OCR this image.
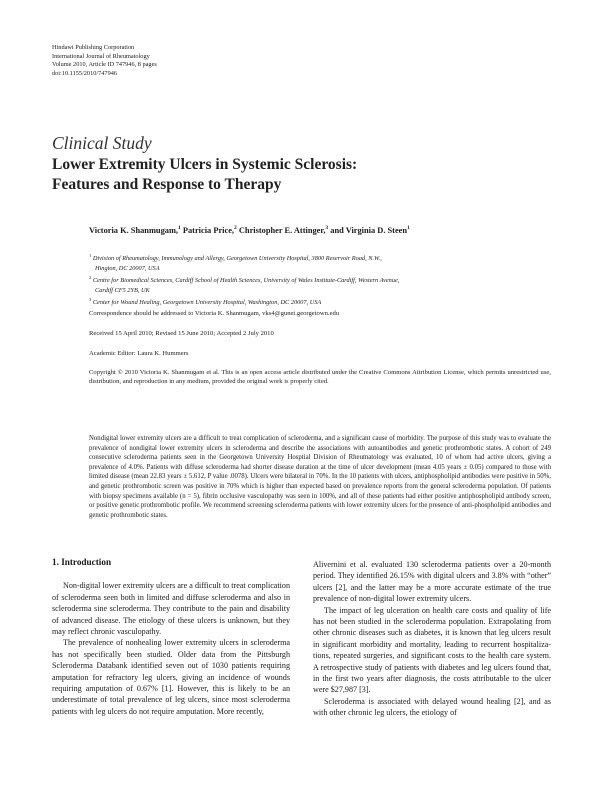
Hindawi Publishing Corporation
International Journal of Rheumatology
Volume 2010, Article ID 747946, 8 pages
doi:10.1155/2010/747946
Clinical Study
Lower Extremity Ulcers in Systemic Sclerosis:
Features and Response to Therapy
Victoria K. Shanmugam,$^1$ Patricia Price,$^2$ Christopher E. Attinger,$^3$ and Virginia D. Steen$^1$
$^1$ Division of Rheumatology, Immunology and Allergy, Georgetown University Hospital, 3800 Reservoir Road, N.W.,
Hington, DC 20007, USA
$^2$ Centre for Biomedical Sciences, Cardiff School of Health Sciences, University of Wales Institute-Cardiff, Western Avenue,
Cardiff CF5 2YB, UK
$^3$ Center for Wound Healing, Georgetown University Hospital, Washington, DC 20007, USA
Correspondence should be addressed to Victoria K. Shanmugam, vks4@gunet.georgetown.edu
Received 15 April 2010; Revised 15 June 2010; Accepted 2 July 2010
Academic Editor: Laura K. Hummers
Copyright © 2010 Victoria K. Shanmugam et al. This is an open access article distributed under the Creative Commons Attribution License, which permits unrestricted use, distribution, and reproduction in any medium, provided the original work is properly cited.
Nondigital lower extremity ulcers are a difficult to treat complication of scleroderma, and a significant cause of morbidity. The purpose of this study was to evaluate the prevalence of nondigital lower extremity ulcers in scleroderma and describe the associations with autoantibodies and genetic prothrombotic states. A cohort of 249 consecutive scleroderma patients seen in the Georgetown University Hosptial Division of Rheumatology was evaluated, 10 of whom had active ulcers, giving a prevalence of 4.0%. Patients with diffuse scleroderma had shorter disease duration at the time of ulcer development (mean 4.05 years ± 0.05) compared to those with limited disease (mean 22.83 years ± 5.612, P value .0078). Ulcers were bilateral in 70%. In the 10 patients with ulcers, antiphospholipid antibodies were positive in 50%, and genetic prothrombotic screen was positive in 70% which is higher than expected based on prevalence reports from the general scleroderma population. Of patients with biopsy specimens available (n = 5), fibrin occlusive vasculopathy was seen in 100%, and all of these patients had either positive antiphospholipid antibody screen, or positive genetic prothrombotic profile. We recommend screening scleroderma patients with lower extremity ulcers for the presence of anti-phospholipid antibodies and genetic prothrombotic states.
1. Introduction

Non-digital lower extremity ulcers are a difficult to treat complication of scleroderma seen both in limited and diffuse scleroderma and also in scleroderma sine scleroderma. They contribute to the pain and disability of advanced disease. The etiology of these ulcers is unknown, but they may reflect chronic vasculopathy.

The prevalence of nonhealing lower extremity ulcers in scleroderma has not specifically been studied. Older data from the Pittsburgh Scleroderma Databank identified seven out of 1030 patients requiring amputation for refractory leg ulcers, giving an incidence of wounds requiring amputation of 0.67% [1]. However, this is likely to be an underestimate of total prevalence of leg ulcers, since most scleroderma patients with leg ulcers do not require amputation. More recently,

Alivernini et al. evaluated 130 scleroderma patients over a 20-month period. They identified 26.15% with digital ulcers and 3.8% with “other” ulcers [2], and the latter may be a more accurate estimate of the true prevalence of non-digital lower extremity ulcers.

The impact of leg ulceration on health care costs and quality of life has not been studied in the scleroderma population. Extrapolating from other chronic diseases such as diabetes, it is known that leg ulcers result in significant morbidity and mortality, leading to recurrent hospitaliza-tions, repeated surgeries, and significant costs to the health care system. A retrospective study of patients with diabetes and leg ulcers found that, in the first two years after diagnosis, the costs attributable to the ulcer were $27,987 [3].

Scleroderma is associated with delayed wound healing [2], and as with other chronic leg ulcers, the etiology of
